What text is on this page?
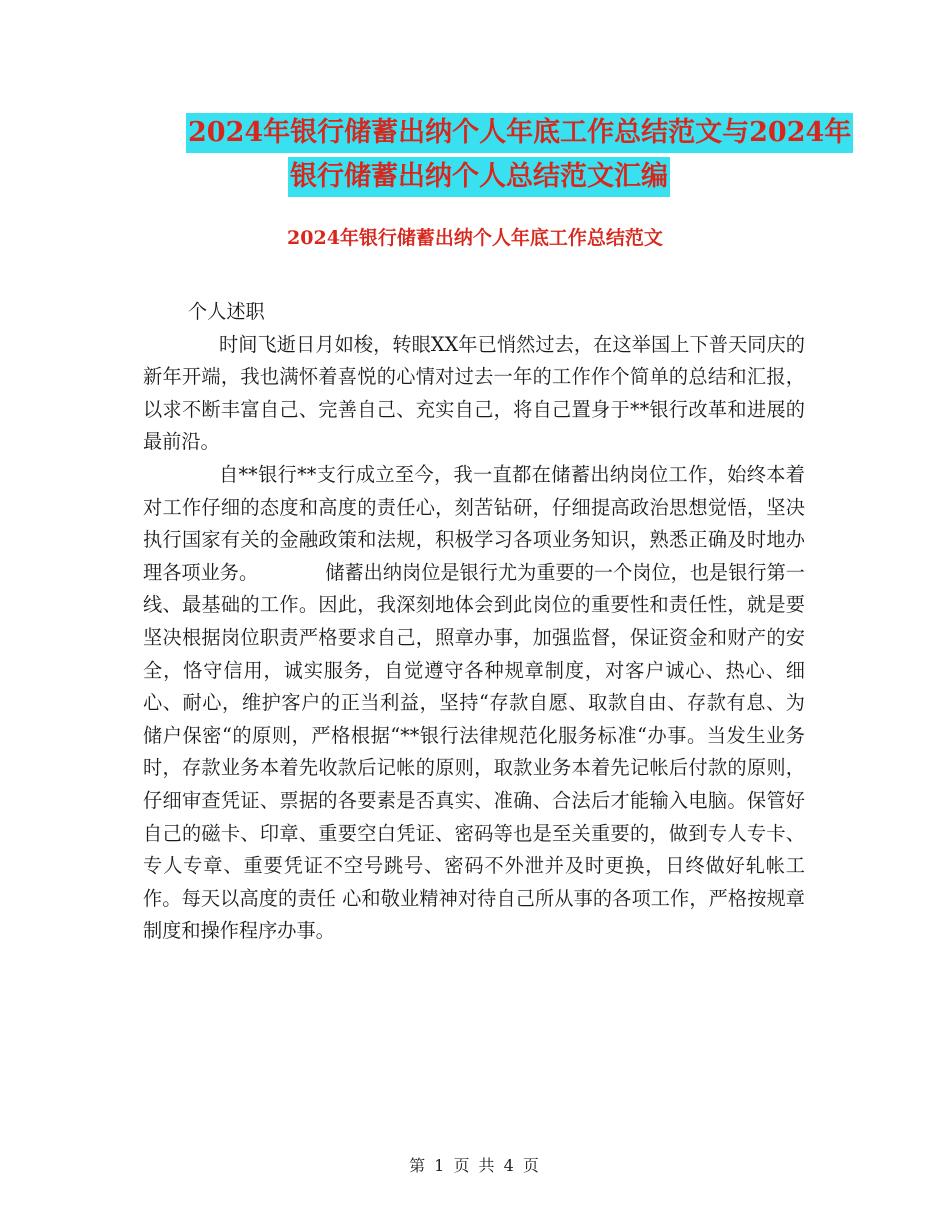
2024年银行储蓄出纳个人年底工作总结范文与2024年
银行储蓄出纳个人总结范文汇编
2024年银行储蓄出纳个人年底工作总结范文

个人述职

时间飞逝日月如梭，转眼XX年已悄然过去，在这举国上下普天同庆的新年开端，我也满怀着喜悦的心情对过去一年的工作作个简单的总结和汇报，以求不断丰富自己、完善自己、充实自己，将自己置身于**银行改革和进展的最前沿。

自**银行**支行成立至今，我一直都在储蓄出纳岗位工作，始终本着对工作仔细的态度和高度的责任心，刻苦钻研，仔细提高政治思想觉悟，坚决执行国家有关的金融政策和法规，积极学习各项业务知识，熟悉正确及时地办理各项业务。　　　　储蓄出纳岗位是银行尤为重要的一个岗位，也是银行第一线、最基础的工作。因此，我深刻地体会到此岗位的重要性和责任性，就是要坚决根据岗位职责严格要求自己，照章办事，加强监督，保证资金和财产的安全，恪守信用，诚实服务，自觉遵守各种规章制度，对客户诚心、热心、细心、耐心，维护客户的正当利益，坚持“存款自愿、取款自由、存款有息、为储户保密“的原则，严格根据“**银行法律规范化服务标准“办事。当发生业务时，存款业务本着先收款后记帐的原则，取款业务本着先记帐后付款的原则，仔细审查凭证、票据的各要素是否真实、准确、合法后才能输入电脑。保管好自己的磁卡、印章、重要空白凭证、密码等也是至关重要的，做到专人专卡、专人专章、重要凭证不空号跳号、密码不外泄并及时更换，日终做好轧帐工作。每天以高度的责任 心和敬业精神对待自己所从事的各项工作，严格按规章制度和操作程序办事。

第 1 页 共 4 页
